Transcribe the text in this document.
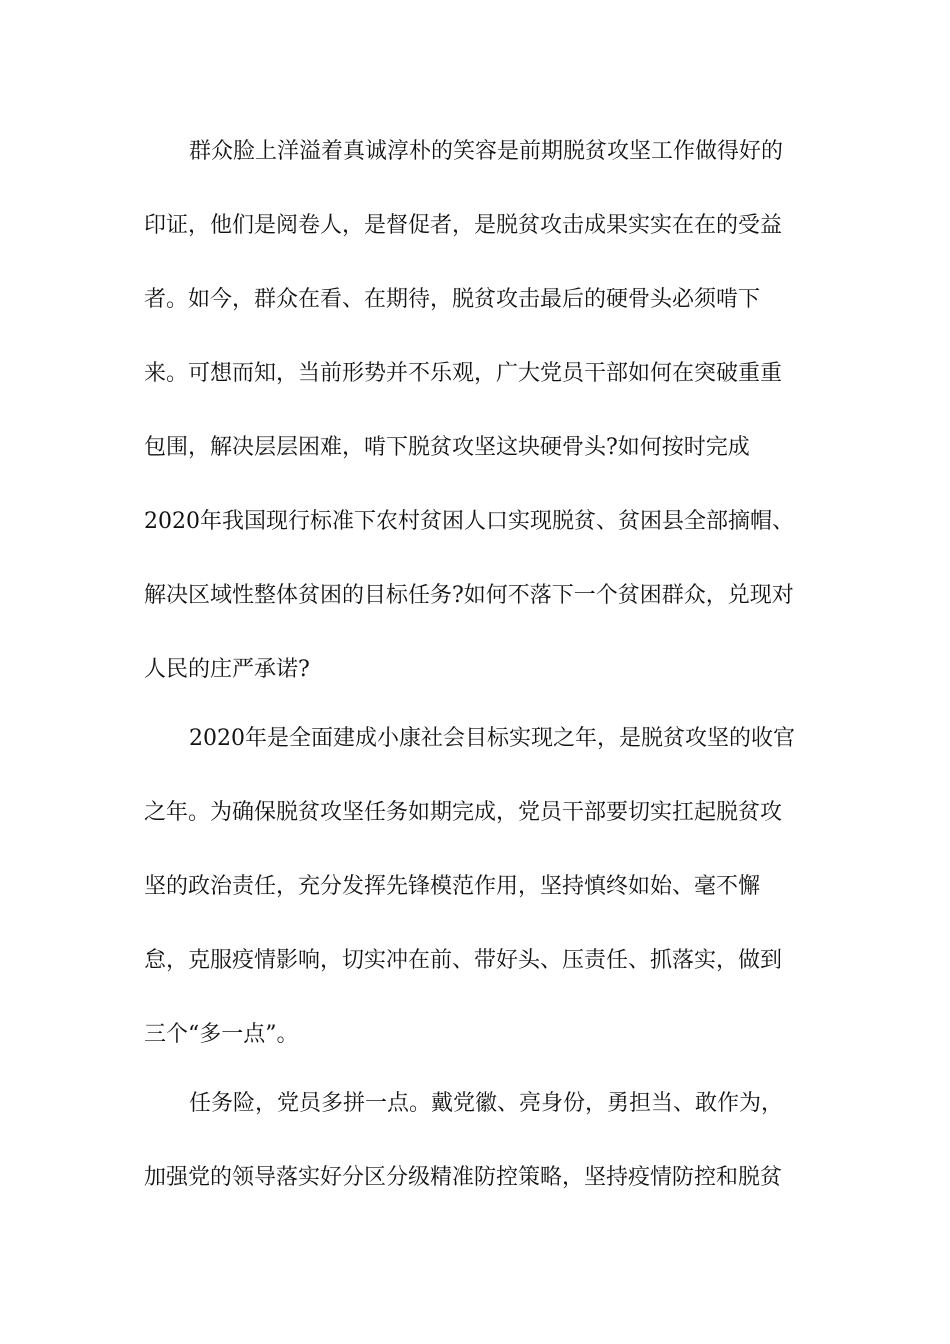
群众脸上洋溢着真诚淳朴的笑容是前期脱贫攻坚工作做得好的

印证，他们是阅卷人，是督促者，是脱贫攻击成果实实在在的受益

者。如今，群众在看、在期待，脱贫攻击最后的硬骨头必须啃下

来。可想而知，当前形势并不乐观，广大党员干部如何在突破重重

包围，解决层层困难，啃下脱贫攻坚这块硬骨头?如何按时完成

2020年我国现行标准下农村贫困人口实现脱贫、贫困县全部摘帽、

解决区域性整体贫困的目标任务?如何不落下一个贫困群众，兑现对

人民的庄严承诺?

2020年是全面建成小康社会目标实现之年，是脱贫攻坚的收官

之年。为确保脱贫攻坚任务如期完成，党员干部要切实扛起脱贫攻

坚的政治责任，充分发挥先锋模范作用，坚持慎终如始、毫不懈

怠，克服疫情影响，切实冲在前、带好头、压责任、抓落实，做到

三个“多一点”。

任务险，党员多拼一点。戴党徽、亮身份，勇担当、敢作为，

加强党的领导落实好分区分级精准防控策略，坚持疫情防控和脱贫
